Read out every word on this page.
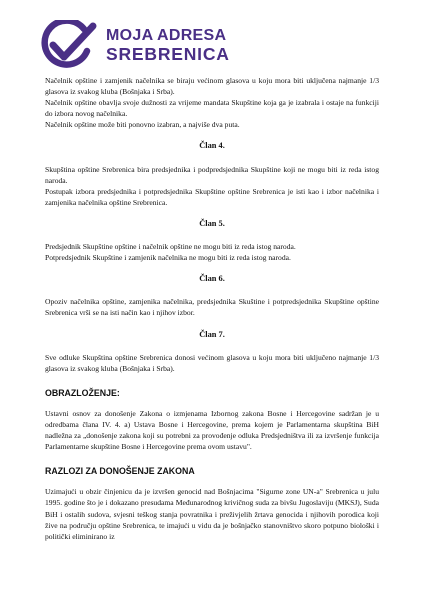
MOJA ADRESA
SREBRENICA

Načelnik opštine i zamjenik načelnika se biraju većinom glasova u koju mora biti uključena najmanje 1/3 glasova iz svakog kluba (Bošnjaka i Srba).

Načelnik opštine obavlja svoje dužnosti za vrijeme mandata Skupštine koja ga je izabrala i ostaje na funkciji do izbora novog načelnika.

Načelnik opštine može biti ponovno izabran, a najviše dva puta.

Član 4.

Skupština opštine Srebrenica bira predsjednika i podpredsjednika Skupštine koji ne mogu biti iz reda istog naroda.

Postupak izbora predsjednika i potpredsjednika Skupštine opštine Srebrenica je isti kao i izbor načelnika i zamjenika načelnika opštine Srebrenica.

Član 5.

Predsjednik Skupštine opštine i načelnik opštine ne mogu biti iz reda istog naroda.

Potpredsjednik Skupštine i zamjenik načelnika ne mogu biti iz reda istog naroda.

Član 6.

Opoziv načelnika opštine, zamjenika načelnika, predsjednika Skuštine i potpredsjednika Skupštine opštine Srebrenica vrši se na isti način kao i njihov izbor.

Član 7.

Sve odluke Skupština opštine Srebrenica donosi većinom glasova u koju mora biti uključeno najmanje 1/3 glasova iz svakog kluba (Bošnjaka i Srba).

OBRAZLOŽENJE:

Ustavni osnov za donošenje Zakona o izmjenama Izbornog zakona Bosne i Hercegovine sadržan je u odredbama člana IV. 4. a) Ustava Bosne i Hercegovine, prema kojem je Parlamentarna skupština BiH nadležna za „donošenje zakona koji su potrebni za provođenje odluka Predsjedništva ili za izvršenje funkcija Parlamentarne skupštine Bosne i Hercegovine prema ovom ustavu".

RAZLOZI ZA DONOŠENJE ZAKONA

Uzimajući u obzir činjenicu da je izvršen genocid nad Bošnjacima "Sigurne zone UN-a" Srebrenica u julu 1995. godine što je i dokazano presudama Međunarodnog krivičnog suda za bivšu Jugoslaviju (MKSJ), Suda BiH i ostalih sudova, svjesni teškog stanja povratnika i preživjelih žrtava genocida i njihovih porodica koji žive na području opštine Srebrenica, te imajući u vidu da je bošnjačko stanovništvo skoro potpuno biološki i politički eliminirano iz
